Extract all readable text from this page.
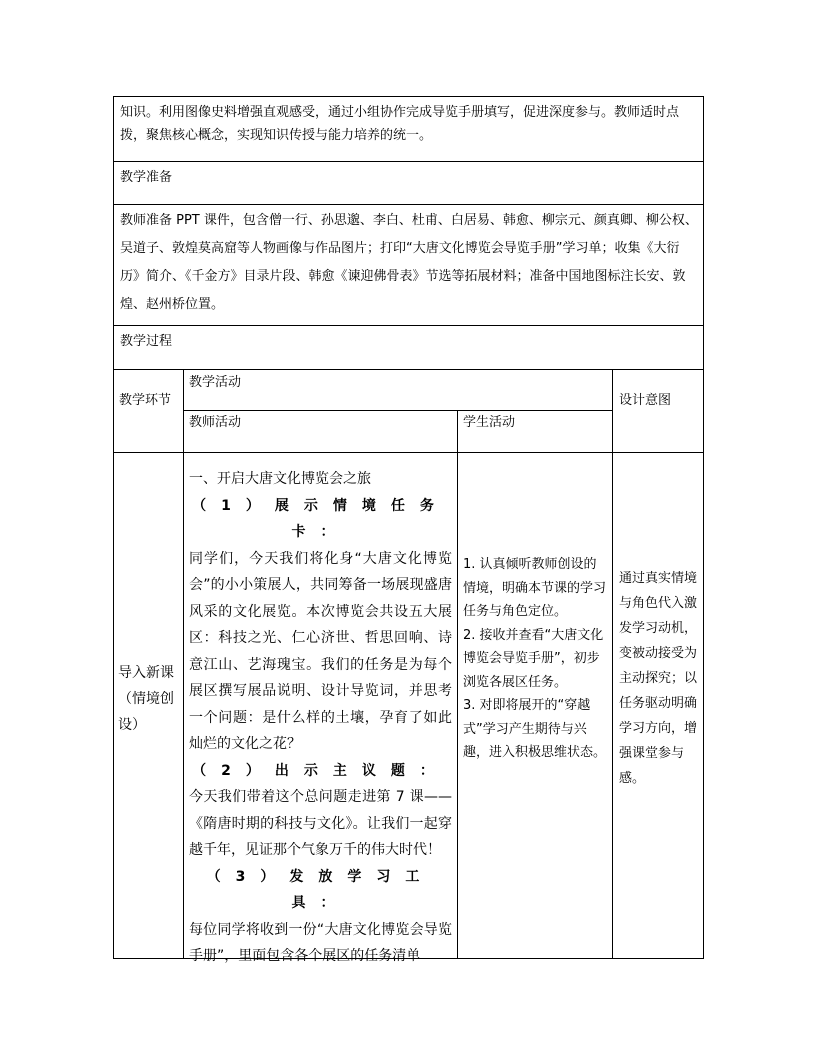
知识。利用图像史料增强直观感受，通过小组协作完成导览手册填写，促进深度参与。教师适时点拨，聚焦核心概念，实现知识传授与能力培养的统一。
教学准备
教师准备 PPT 课件，包含僧一行、孙思邈、李白、杜甫、白居易、韩愈、柳宗元、颜真卿、柳公权、吴道子、敦煌莫高窟等人物画像与作品图片；打印“大唐文化博览会导览手册”学习单；收集《大衍历》简介、《千金方》目录片段、韩愈《谏迎佛骨表》节选等拓展材料；准备中国地图标注长安、敦煌、赵州桥位置。
教学过程
教学环节
教学活动
教师活动	学生活动
设计意图
导入新课（情境创设）

一、开启大唐文化博览会之旅

（1）展示情境任务卡：

同学们，今天我们将化身“大唐文化博览会”的小小策展人，共同筹备一场展现盛唐风采的文化展览。本次博览会共设五大展区：科技之光、仁心济世、哲思回响、诗意江山、艺海瑰宝。我们的任务是为每个展区撰写展品说明、设计导览词，并思考一个问题：是什么样的土壤，孕育了如此灿烂的文化之花？

（2）出示主议题：

今天我们带着这个总问题走进第 7 课——《隋唐时期的科技与文化》。让我们一起穿越千年，见证那个气象万千的伟大时代！

（3）发放学习工具：

每位同学将收到一份“大唐文化博览会导览手册”，里面包含各个展区的任务清单

1. 认真倾听教师创设的情境，明确本节课的学习任务与角色定位。

2. 接收并查看“大唐文化博览会导览手册”，初步浏览各展区任务。

3. 对即将展开的“穿越式”学习产生期待与兴趣，进入积极思维状态。

通过真实情境与角色代入激发学习动机，变被动接受为主动探究；以任务驱动明确学习方向，增强课堂参与感。
